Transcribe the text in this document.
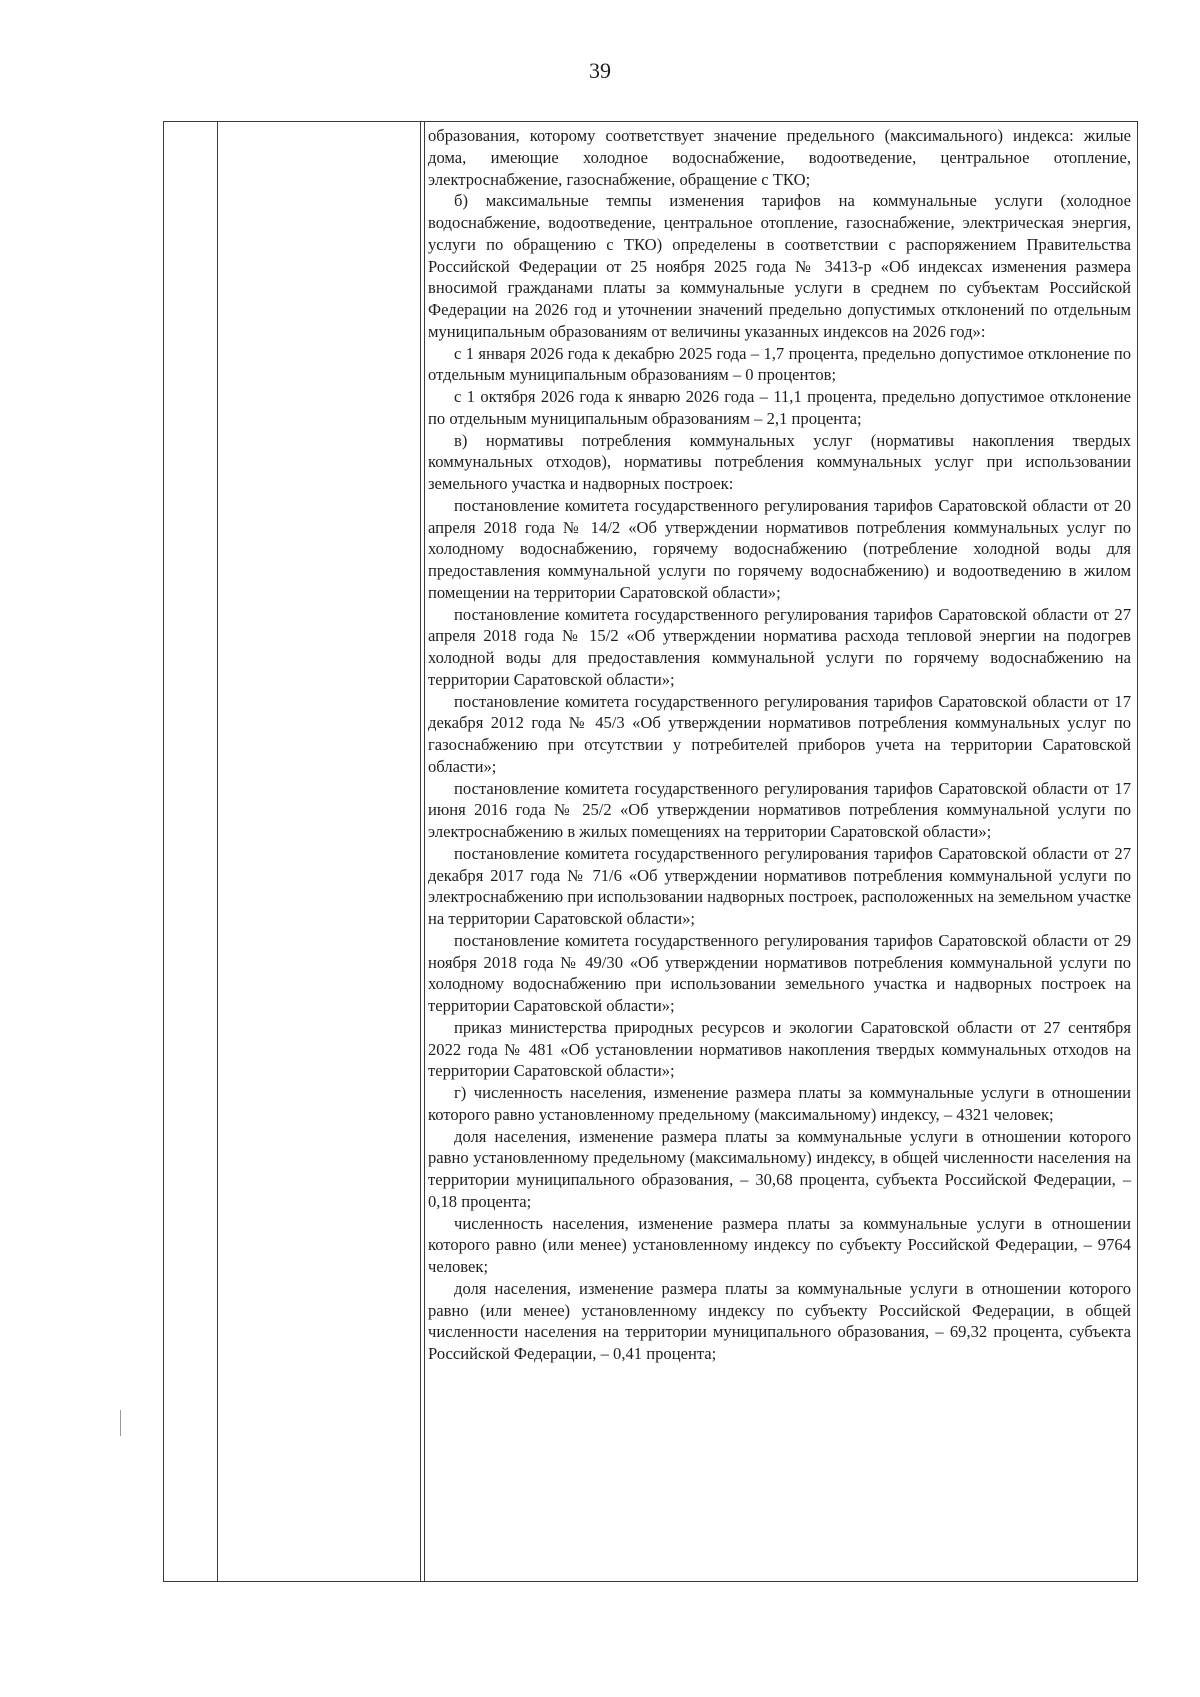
39

образования, которому соответствует значение предельного (максимального) индекса: жилые дома, имеющие холодное водоснабжение, водоотведение, центральное отопление, электроснабжение, газоснабжение, обращение с ТКО;

б) максимальные темпы изменения тарифов на коммунальные услуги (холодное водоснабжение, водоотведение, центральное отопление, газоснабжение, электрическая энергия, услуги по обращению с ТКО) определены в соответствии с распоряжением Правительства Российской Федерации от 25 ноября 2025 года № 3413-р «Об индексах изменения размера вносимой гражданами платы за коммунальные услуги в среднем по субъектам Российской Федерации на 2026 год и уточнении значений предельно допустимых отклонений по отдельным муниципальным образованиям от величины указанных индексов на 2026 год»:

с 1 января 2026 года к декабрю 2025 года – 1,7 процента, предельно допустимое отклонение по отдельным муниципальным образованиям – 0 процентов;

с 1 октября 2026 года к январю 2026 года – 11,1 процента, предельно допустимое отклонение по отдельным муниципальным образованиям – 2,1 процента;

в) нормативы потребления коммунальных услуг (нормативы накопления твердых коммунальных отходов), нормативы потребления коммунальных услуг при использовании земельного участка и надворных построек:

постановление комитета государственного регулирования тарифов Саратовской области от 20 апреля 2018 года № 14/2 «Об утверждении нормативов потребления коммунальных услуг по холодному водоснабжению, горячему водоснабжению (потребление холодной воды для предоставления коммунальной услуги по горячему водоснабжению) и водоотведению в жилом помещении на территории Саратовской области»;

постановление комитета государственного регулирования тарифов Саратовской области от 27 апреля 2018 года № 15/2 «Об утверждении норматива расхода тепловой энергии на подогрев холодной воды для предоставления коммунальной услуги по горячему водоснабжению на территории Саратовской области»;

постановление комитета государственного регулирования тарифов Саратовской области от 17 декабря 2012 года № 45/3 «Об утверждении нормативов потребления коммунальных услуг по газоснабжению при отсутствии у потребителей приборов учета на территории Саратовской области»;

постановление комитета государственного регулирования тарифов Саратовской области от 17 июня 2016 года № 25/2 «Об утверждении нормативов потребления коммунальной услуги по электроснабжению в жилых помещениях на территории Саратовской области»;

постановление комитета государственного регулирования тарифов Саратовской области от 27 декабря 2017 года № 71/6 «Об утверждении нормативов потребления коммунальной услуги по электроснабжению при использовании надворных построек, расположенных на земельном участке на территории Саратовской области»;

постановление комитета государственного регулирования тарифов Саратовской области от 29 ноября 2018 года № 49/30 «Об утверждении нормативов потребления коммунальной услуги по холодному водоснабжению при использовании земельного участка и надворных построек на территории Саратовской области»;

приказ министерства природных ресурсов и экологии Саратовской области от 27 сентября 2022 года № 481 «Об установлении нормативов накопления твердых коммунальных отходов на территории Саратовской области»;

г) численность населения, изменение размера платы за коммунальные услуги в отношении которого равно установленному предельному (максимальному) индексу, – 4321 человек;

доля населения, изменение размера платы за коммунальные услуги в отношении которого равно установленному предельному (максимальному) индексу, в общей численности населения на территории муниципального образования, – 30,68 процента, субъекта Российской Федерации, – 0,18 процента;

численность населения, изменение размера платы за коммунальные услуги в отношении которого равно (или менее) установленному индексу по субъекту Российской Федерации, – 9764 человек;

доля населения, изменение размера платы за коммунальные услуги в отношении которого равно (или менее) установленному индексу по субъекту Российской Федерации, в общей численности населения на территории муниципального образования, – 69,32 процента, субъекта Российской Федерации, – 0,41 процента;
